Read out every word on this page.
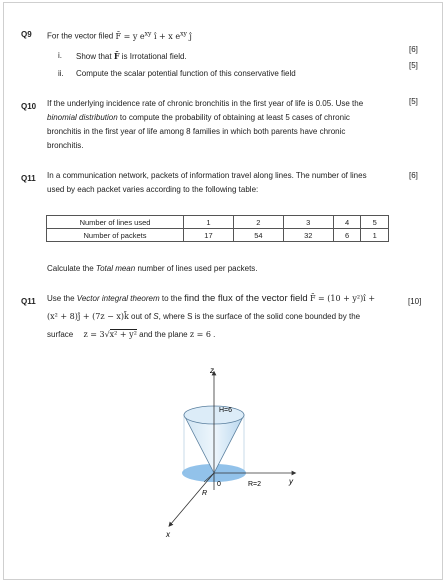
Q9 For the vector filed F̄ = y $e^{xy}$ î + x $e^{xy}$ ĵ
i. Show that F̄ is Irrotational field.
[6]
ii. Compute the scalar potential function of this conservative field
[5]
Q10 If the underlying incidence rate of chronic bronchitis in the first year of life is 0.05. Use the
binomial distribution to compute the probability of obtaining at least 5 cases of chronic
bronchitis in the first year of life among 8 families in which both parents have chronic
bronchitis.
[5]
Q11 In a communication network, packets of information travel along lines. The number of lines
used by each packet varies according to the following table:
[6]
Number of lines used	1	2	3	4	5
Number of packets	17	54	32	6	1
Calculate the Total mean number of lines used per packets.
Q11 Use the Vector integral theorem to the find the flux of the vector field F̄ = (10 + y²)î +	[10]
(x² + 8)ĵ + (7z − x)k̄ out of S, where S is the surface of the solid cone bounded by the
surface z = 3√x² + y² and the plane z = 6 .
z
H=6
0	R=2
R
y
x
